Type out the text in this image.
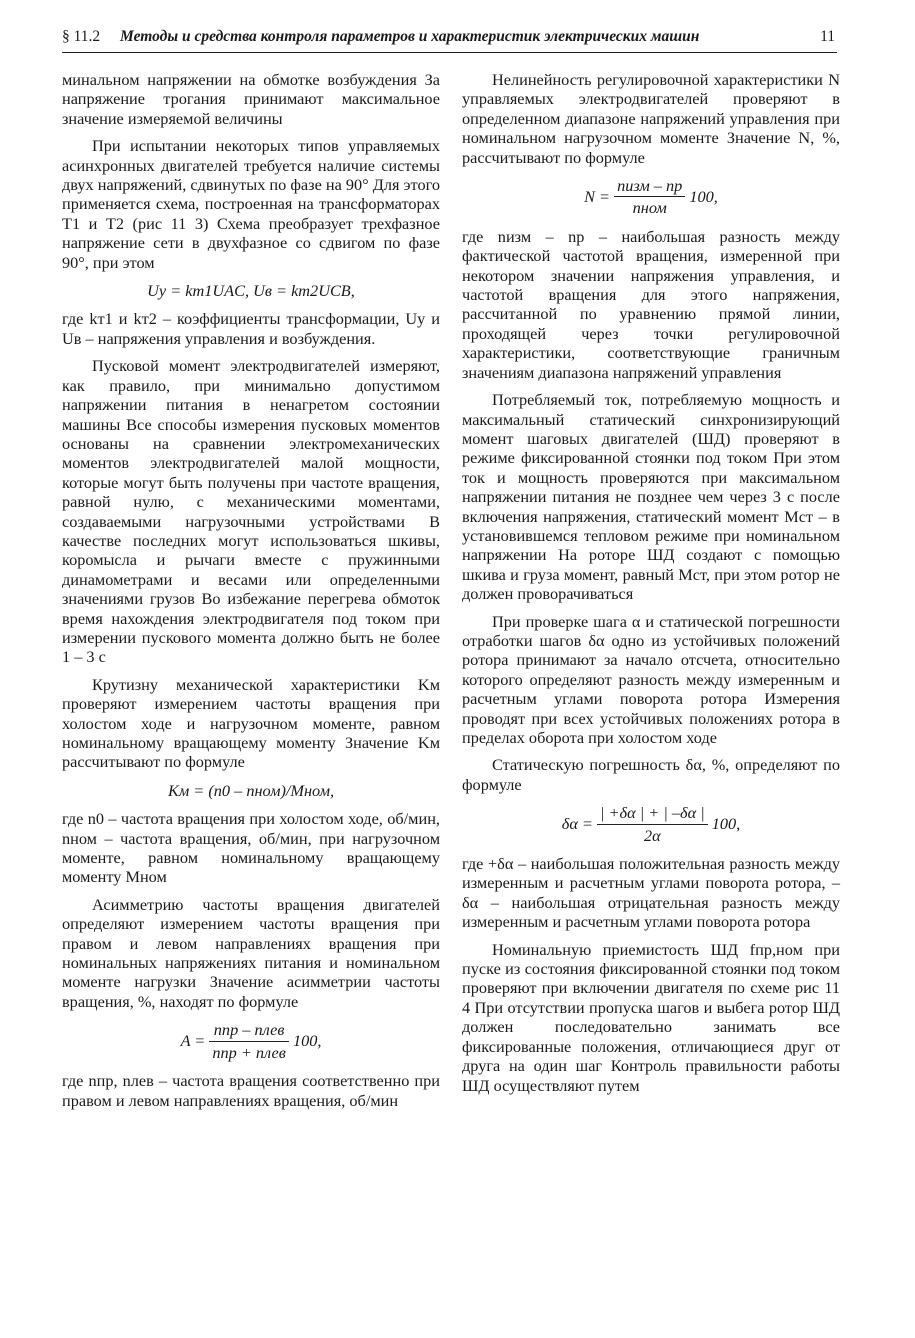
§ 11.2 Методы и средства контроля параметров и характеристик электрических машин	11

минальном напряжении на обмотке возбуждения За напряжение трогания принимают максимальное значение измеряемой величины

При испытании некоторых типов управляемых асинхронных двигателей требуется наличие системы двух напряжений, сдвинутых по фазе на 90° Для этого применяется схема, построенная на трансформаторах Т1 и Т2 (рис 11 3) Схема преобразует трехфазное напряжение сети в двухфазное со сдвигом по фазе 90°, при этом

Uу = kт1UAC, Uв = kт2UCB,

где kт1 и kт2 – коэффициенты трансформации, Uу и Uв – напряжения управления и возбуждения.

Пусковой момент электродвигателей измеряют, как правило, при минимально допустимом напряжении питания в ненагретом состоянии машины Все способы измерения пусковых моментов основаны на сравнении электромеханических моментов электродвигателей малой мощности, которые могут быть получены при частоте вращения, равной нулю, с механическими моментами, создаваемыми нагрузочными устройствами В качестве последних могут использоваться шкивы, коромысла и рычаги вместе с пружинными динамометрами и весами или определенными значениями грузов Во избежание перегрева обмоток время нахождения электродвигателя под током при измерении пускового момента должно быть не более 1 – 3 с

Крутизну механической характеристики Kм проверяют измерением частоты вращения при холостом ходе и нагрузочном моменте, равном номинальному вращающему моменту Значение Kм рассчитывают по формуле

Kм = (n0 – nном)/Mном,

где n0 – частота вращения при холостом ходе, об/мин, nном – частота вращения, об/мин, при нагрузочном моменте, равном номинальному вращающему моменту Mном

Асимметрию частоты вращения двигателей определяют измерением частоты вращения при правом и левом направлениях вращения при номинальных напряжениях питания и номинальном моменте нагрузки Значение асимметрии частоты вращения, %, находят по формуле

$A = \frac{\text{nпр – nлев}}{\text{nпр + nлев}} 100$,

где nпр, nлев – частота вращения соответственно при правом и левом направлениях вращения, об/мин

Нелинейность регулировочной характеристики N управляемых электродвигателей проверяют в определенном диапазоне напряжений управления при номинальном нагрузочном моменте Значение N, %, рассчитывают по формуле

$N = \frac{\text{nизм – nр}}{\text{nном}} 100$,

где nизм – nр – наибольшая разность между фактической частотой вращения, измеренной при некотором значении напряжения управления, и частотой вращения для этого напряжения, рассчитанной по уравнению прямой линии, проходящей через точки регулировочной характеристики, соответствующие граничным значениям диапазона напряжений управления

Потребляемый ток, потребляемую мощность и максимальный статический синхронизирующий момент шаговых двигателей (ШД) проверяют в режиме фиксированной стоянки под током При этом ток и мощность проверяются при максимальном напряжении питания не позднее чем через 3 с после включения напряжения, статический момент Mст – в установившемся тепловом режиме при номинальном напряжении На роторе ШД создают с помощью шкива и груза момент, равный Mст, при этом ротор не должен проворачиваться

При проверке шага α и статической погрешности отработки шагов δα одно из устойчивых положений ротора принимают за начало отсчета, относительно которого определяют разность между измеренным и расчетным углами поворота ротора Измерения проводят при всех устойчивых положениях ротора в пределах оборота при холостом ходе

Статическую погрешность δα, %, определяют по формуле

$\delta\alpha = \frac{| +\delta\alpha | + | -\delta\alpha |}{2\alpha} 100$,

где +δα – наибольшая положительная разность между измеренным и расчетным углами поворота ротора, –δα – наибольшая отрицательная разность между измеренным и расчетным углами поворота ротора

Номинальную приемистость ШД fпр,ном при пуске из состояния фиксированной стоянки под током проверяют при включении двигателя по схеме рис 11 4 При отсутствии пропуска шагов и выбега ротор ШД должен последовательно занимать все фиксированные положения, отличающиеся друг от друга на один шаг Контроль правильности работы ШД осуществляют путем
